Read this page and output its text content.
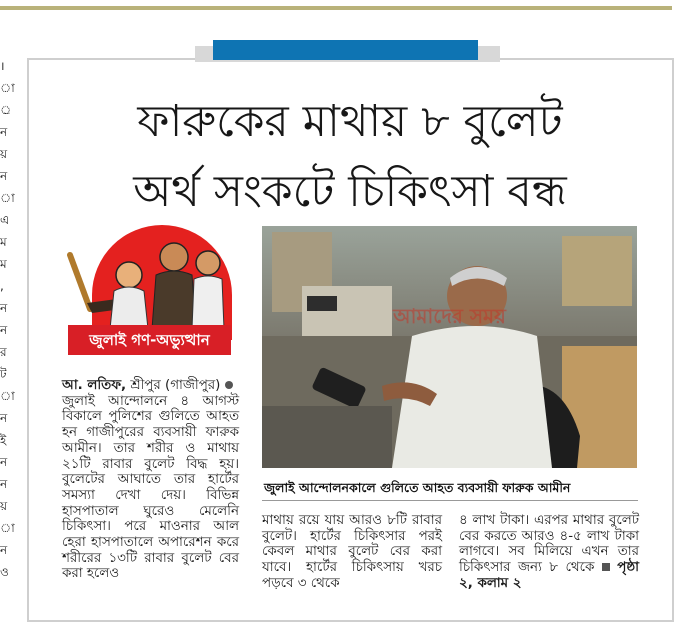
।
া
্র
ন
য়
ন
া
এ
ম
ম
,
ন
ন
র
ট
া
ন
ই
ন
ন
য়
া
ন
ও
ফারুকের মাথায় ৮ বুলেট
অর্থ সংকটে চিকিৎসা বন্ধ
জুলাই গণ-অভ্যুত্থান
আমাদের সময়
জুলাই আন্দোলনকালে গুলিতে আহত ব্যবসায়ী ফারুক আমীন

আ. লতিফ, শ্রীপুর (গাজীপুর)

জুলাই আন্দোলনে ৪ আগস্ট বিকালে পুলিশের গুলিতে আহত হন গাজীপুরের ব্যবসায়ী ফারুক আমীন। তার শরীর ও মাথায় ২১টি রাবার বুলেট বিদ্ধ হয়। বুলেটের আঘাতে তার হার্টের সমস্যা দেখা দেয়। বিভিন্ন হাসপাতাল ঘুরেও মেলেনি চিকিৎসা। পরে মাওনার আল হেরা হাসপাতালে অপারেশন করে শরীরের ১৩টি রাবার বুলেট বের করা হলেও

মাথায় রয়ে যায় আরও ৮টি রাবার বুলেট। হার্টের চিকিৎসার পরই কেবল মাথার বুলেট বের করা যাবে। হার্টের চিকিৎসায় খরচ পড়বে ৩ থেকে

৪ লাখ টাকা। এরপর মাথার বুলেট বের করতে আরও ৪-৫ লাখ টাকা লাগবে। সব মিলিয়ে এখন তার চিকিৎসার জন্য ৮ থেকে পৃষ্ঠা ২, কলাম ২
